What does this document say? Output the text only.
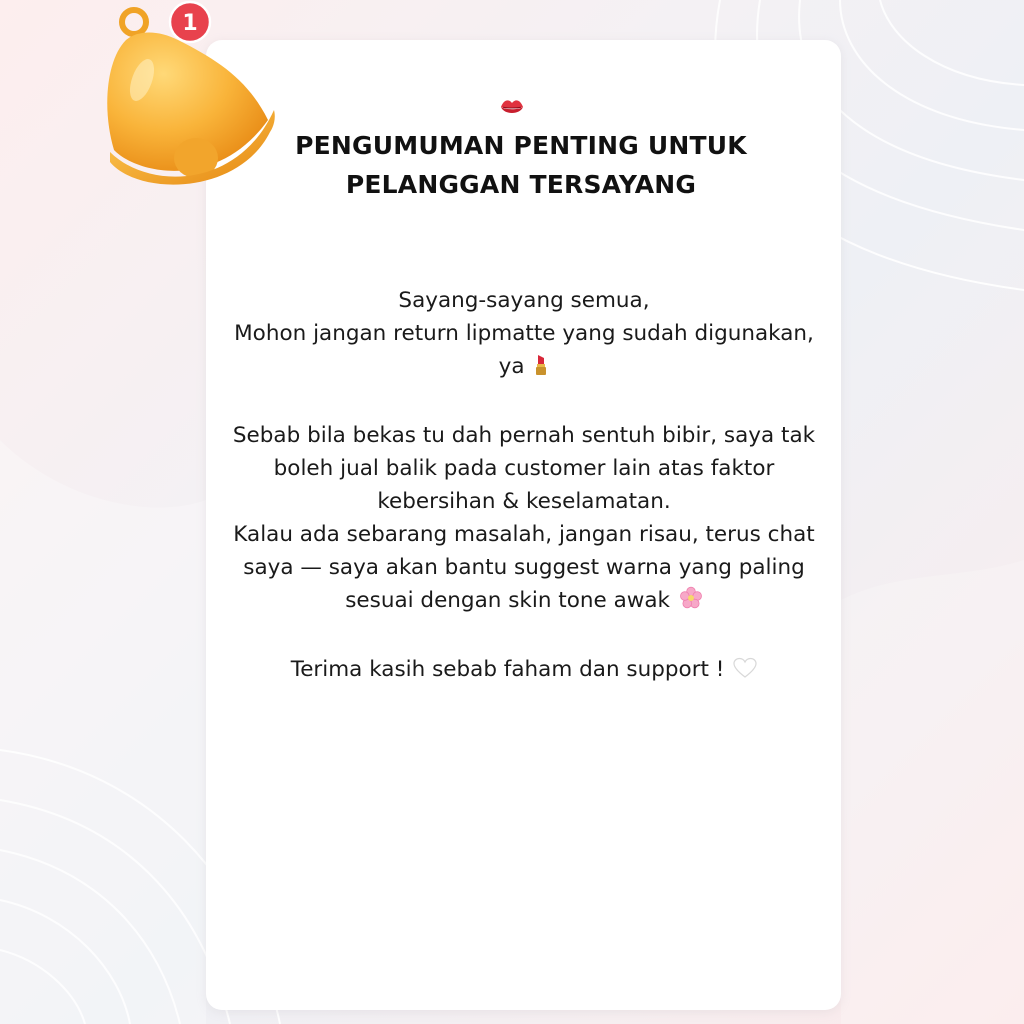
PENGUMUMAN PENTING UNTUK
PELANGGAN TERSAYANG

Sayang-sayang semua,

Mohon jangan return lipmatte yang sudah digunakan,

ya

Sebab bila bekas tu dah pernah sentuh bibir, saya tak

boleh jual balik pada customer lain atas faktor

kebersihan & keselamatan.

Kalau ada sebarang masalah, jangan risau, terus chat

saya — saya akan bantu suggest warna yang paling

sesuai dengan skin tone awak

Terima kasih sebab faham dan support !

1
